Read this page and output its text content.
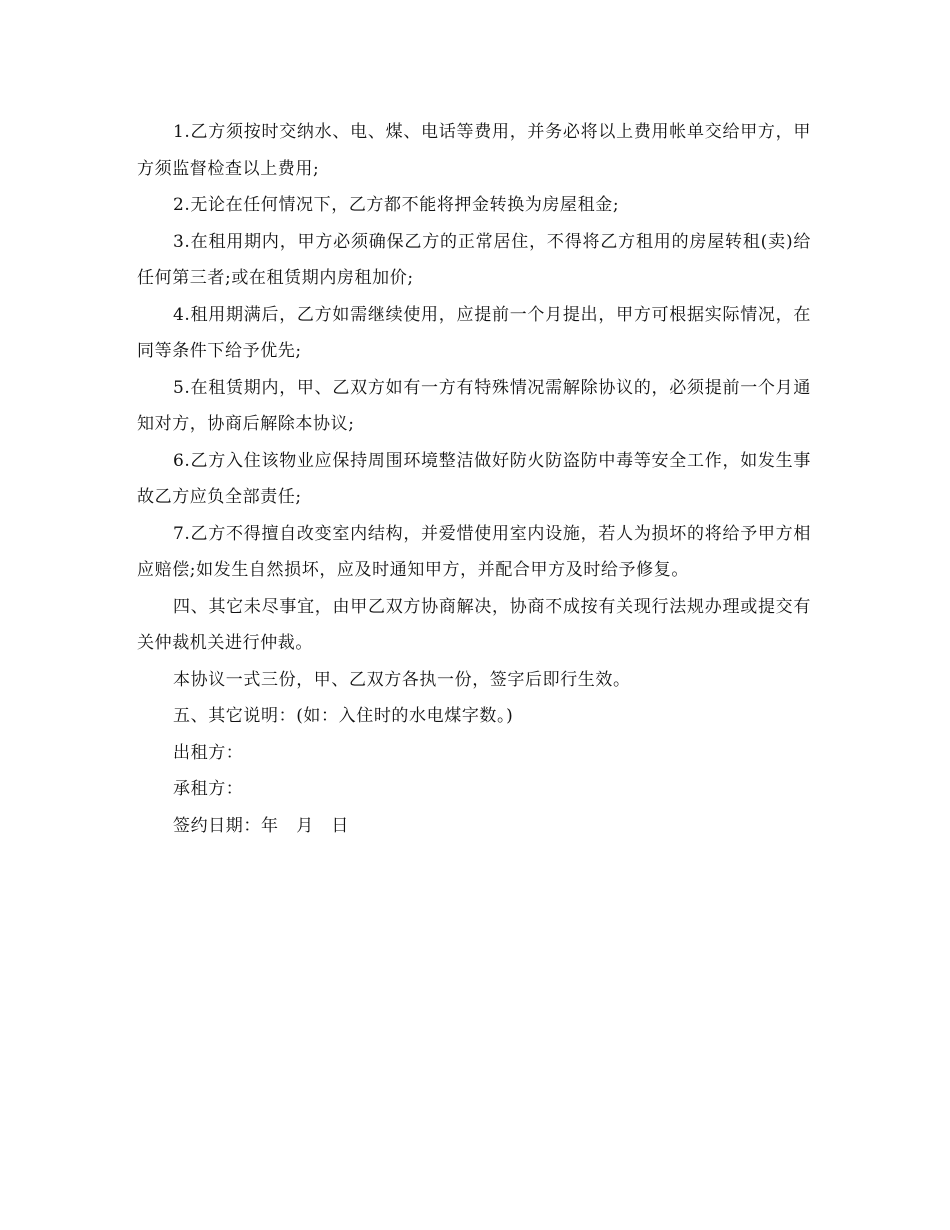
1.乙方须按时交纳水、电、煤、电话等费用，并务必将以上费用帐单交给甲方，甲方须监督检查以上费用;

2.无论在任何情况下，乙方都不能将押金转换为房屋租金;

3.在租用期内，甲方必须确保乙方的正常居住，不得将乙方租用的房屋转租(卖)给任何第三者;或在租赁期内房租加价;

4.租用期满后，乙方如需继续使用，应提前一个月提出，甲方可根据实际情况，在同等条件下给予优先;

5.在租赁期内，甲、乙双方如有一方有特殊情况需解除协议的，必须提前一个月通知对方，协商后解除本协议;

6.乙方入住该物业应保持周围环境整洁做好防火防盗防中毒等安全工作，如发生事故乙方应负全部责任;

7.乙方不得擅自改变室内结构，并爱惜使用室内设施，若人为损坏的将给予甲方相应赔偿;如发生自然损坏，应及时通知甲方，并配合甲方及时给予修复。

四、其它未尽事宜，由甲乙双方协商解决，协商不成按有关现行法规办理或提交有关仲裁机关进行仲裁。

本协议一式三份，甲、乙双方各执一份，签字后即行生效。

五、其它说明：(如：入住时的水电煤字数。)

出租方：

承租方：

签约日期：年　月　日
